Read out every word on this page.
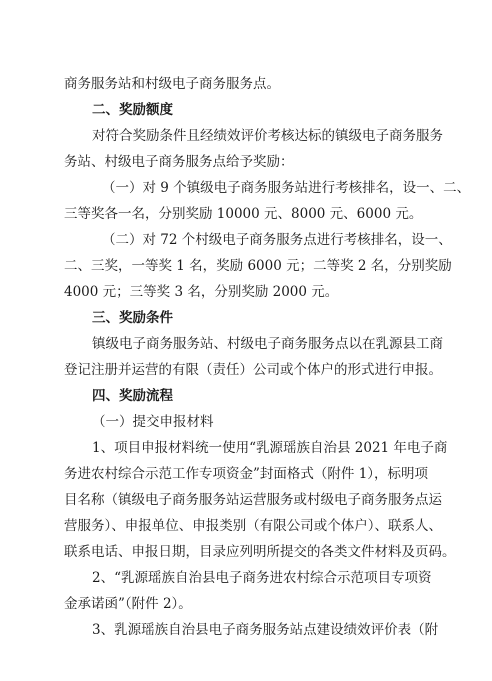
商务服务站和村级电子商务服务点。
二、奖励额度
对符合奖励条件且经绩效评价考核达标的镇级电子商务服务
务站、村级电子商务服务点给予奖励：
（一）对 9 个镇级电子商务服务站进行考核排名，设一、二、
三等奖各一名，分别奖励 10000 元、8000 元、6000 元。
（二）对 72 个村级电子商务服务点进行考核排名，设一、
二、三奖，一等奖 1 名，奖励 6000 元；二等奖 2 名，分别奖励
4000 元；三等奖 3 名，分别奖励 2000 元。
三、奖励条件
镇级电子商务服务站、村级电子商务服务点以在乳源县工商
登记注册并运营的有限（责任）公司或个体户的形式进行申报。
四、奖励流程
（一）提交申报材料
1、项目申报材料统一使用“乳源瑶族自治县 2021 年电子商
务进农村综合示范工作专项资金”封面格式（附件 1），标明项
目名称（镇级电子商务服务站运营服务或村级电子商务服务点运
营服务）、申报单位、申报类别（有限公司或个体户）、联系人、
联系电话、申报日期，目录应列明所提交的各类文件材料及页码。
2、“乳源瑶族自治县电子商务进农村综合示范项目专项资
金承诺函”（附件 2）。
3、乳源瑶族自治县电子商务服务站点建设绩效评价表（附
